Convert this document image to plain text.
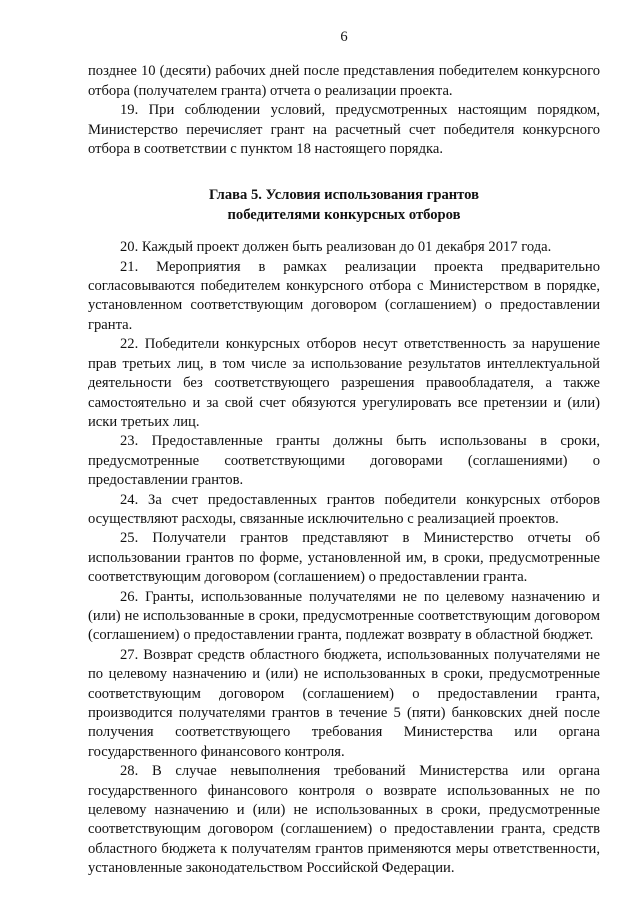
6

позднее 10 (десяти) рабочих дней после представления победителем конкурсного отбора (получателем гранта) отчета о реализации проекта.

19. При соблюдении условий, предусмотренных настоящим порядком, Министерство перечисляет грант на расчетный счет победителя конкурсного отбора в соответствии с пунктом 18 настоящего порядка.

Глава 5. Условия использования грантов

победителями конкурсных отборов

20. Каждый проект должен быть реализован до 01 декабря 2017 года.

21. Мероприятия в рамках реализации проекта предварительно согласовываются победителем конкурсного отбора с Министерством в порядке, установленном соответствующим договором (соглашением) о предоставлении гранта.

22. Победители конкурсных отборов несут ответственность за нарушение прав третьих лиц, в том числе за использование результатов интеллектуальной деятельности без соответствующего разрешения правообладателя, а также самостоятельно и за свой счет обязуются урегулировать все претензии и (или) иски третьих лиц.

23. Предоставленные гранты должны быть использованы в сроки, предусмотренные соответствующими договорами (соглашениями) о предоставлении грантов.

24. За счет предоставленных грантов победители конкурсных отборов осуществляют расходы, связанные исключительно с реализацией проектов.

25. Получатели грантов представляют в Министерство отчеты об использовании грантов по форме, установленной им, в сроки, предусмотренные соответствующим договором (соглашением) о предоставлении гранта.

26. Гранты, использованные получателями не по целевому назначению и (или) не использованные в сроки, предусмотренные соответствующим договором (соглашением) о предоставлении гранта, подлежат возврату в областной бюджет.

27. Возврат средств областного бюджета, использованных получателями не по целевому назначению и (или) не использованных в сроки, предусмотренные соответствующим договором (соглашением) о предоставлении гранта, производится получателями грантов в течение 5 (пяти) банковских дней после получения соответствующего требования Министерства или органа государственного финансового контроля.

28. В случае невыполнения требований Министерства или органа государственного финансового контроля о возврате использованных не по целевому назначению и (или) не использованных в сроки, предусмотренные соответствующим договором (соглашением) о предоставлении гранта, средств областного бюджета к получателям грантов применяются меры ответственности, установленные законодательством Российской Федерации.
